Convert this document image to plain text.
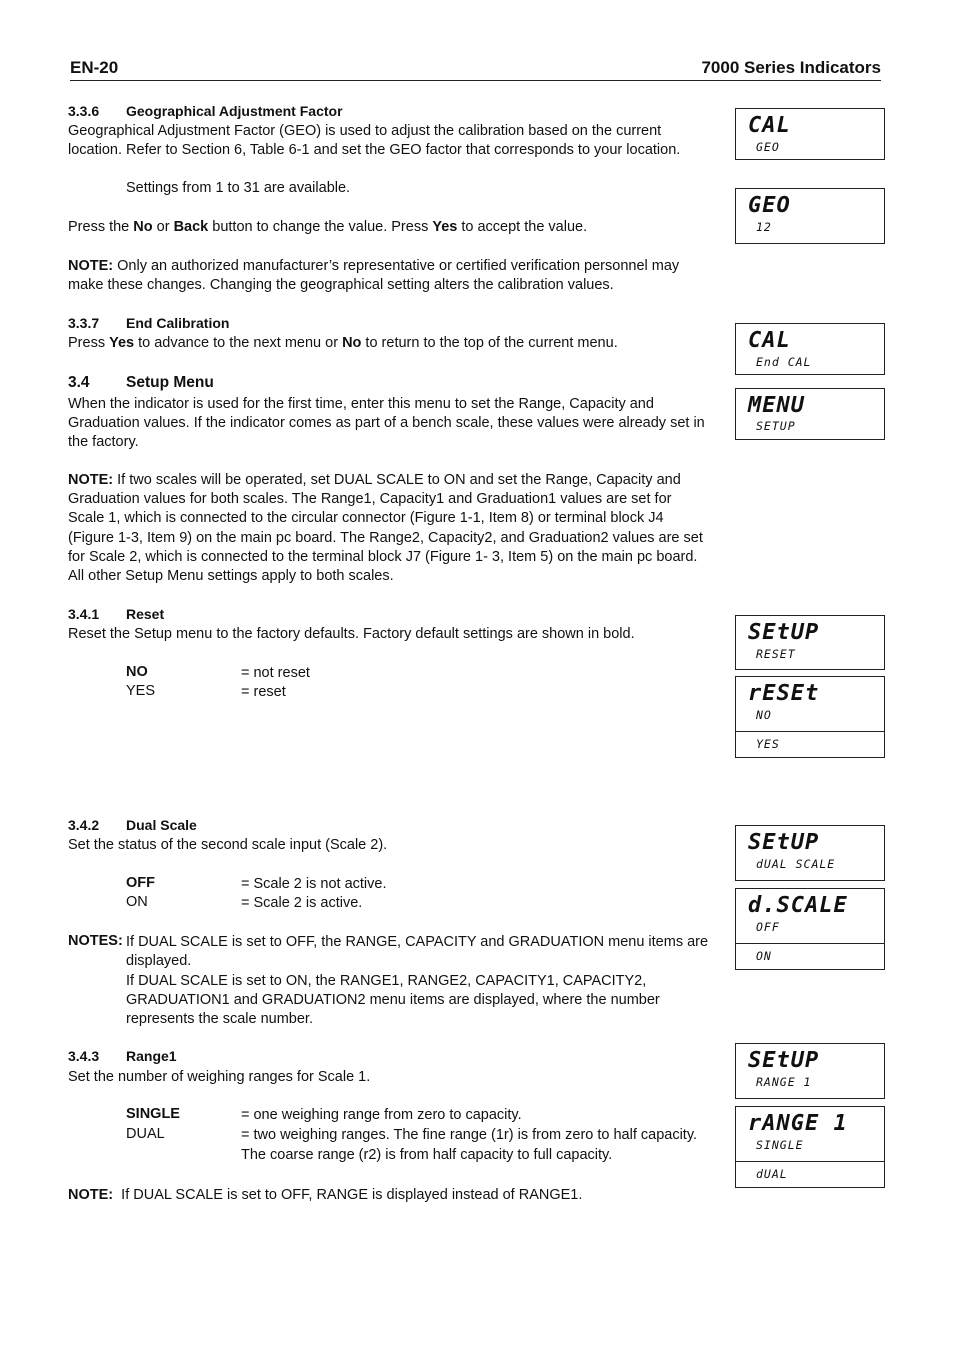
EN-20	7000 Series Indicators
3.3.6 Geographical Adjustment Factor

Geographical Adjustment Factor (GEO) is used to adjust the calibration based on the current location. Refer to Section 6, Table 6-1 and set the GEO factor that corresponds to your location.

Settings from 1 to 31 are available.

Press the No or Back button to change the value. Press Yes to accept the value.

NOTE: Only an authorized manufacturer’s representative or certified verification personnel may make these changes. Changing the geographical setting alters the calibration values.

3.3.7 End Calibration

Press Yes to advance to the next menu or No to return to the top of the current menu.

3.4 Setup Menu

When the indicator is used for the first time, enter this menu to set the Range, Capacity and Graduation values. If the indicator comes as part of a bench scale, these values were already set in the factory.

NOTE: If two scales will be operated, set DUAL SCALE to ON and set the Range, Capacity and Graduation values for both scales. The Range1, Capacity1 and Graduation1 values are set for Scale 1, which is connected to the circular connector (Figure 1-1, Item 8) or terminal block J4 (Figure 1-3, Item 9) on the main pc board. The Range2, Capacity2, and Graduation2 values are set for Scale 2, which is connected to the terminal block J7 (Figure 1- 3, Item 5) on the main pc board. All other Setup Menu settings apply to both scales.

3.4.1 Reset

Reset the Setup menu to the factory defaults. Factory default settings are shown in bold.

NO	= not reset
YES	= reset
3.4.2 Dual Scale

Set the status of the second scale input (Scale 2).

OFF	= Scale 2 is not active.
ON	= Scale 2 is active.
NOTES: If DUAL SCALE is set to OFF, the RANGE, CAPACITY and GRADUATION menu items are displayed.
If DUAL SCALE is set to ON, the RANGE1, RANGE2, CAPACITY1, CAPACITY2, GRADUATION1 and GRADUATION2 menu items are displayed, where the number represents the scale number.
3.4.3 Range1

Set the number of weighing ranges for Scale 1.

SINGLE	= one weighing range from zero to capacity.
DUAL	= two weighing ranges. The fine range (1r) is from zero to half capacity. The coarse range (r2) is from half capacity to full capacity.

NOTE: If DUAL SCALE is set to OFF, RANGE is displayed instead of RANGE1.

CAL
GEO
GEO
12
CAL
End CAL
MENU
SETUP
SEtUP
RESET
rESEt
NO
YES
SEtUP
dUAL SCALE
d.SCALE
OFF
ON
SEtUP
RANGE 1
rANGE 1
SINGLE
dUAL
